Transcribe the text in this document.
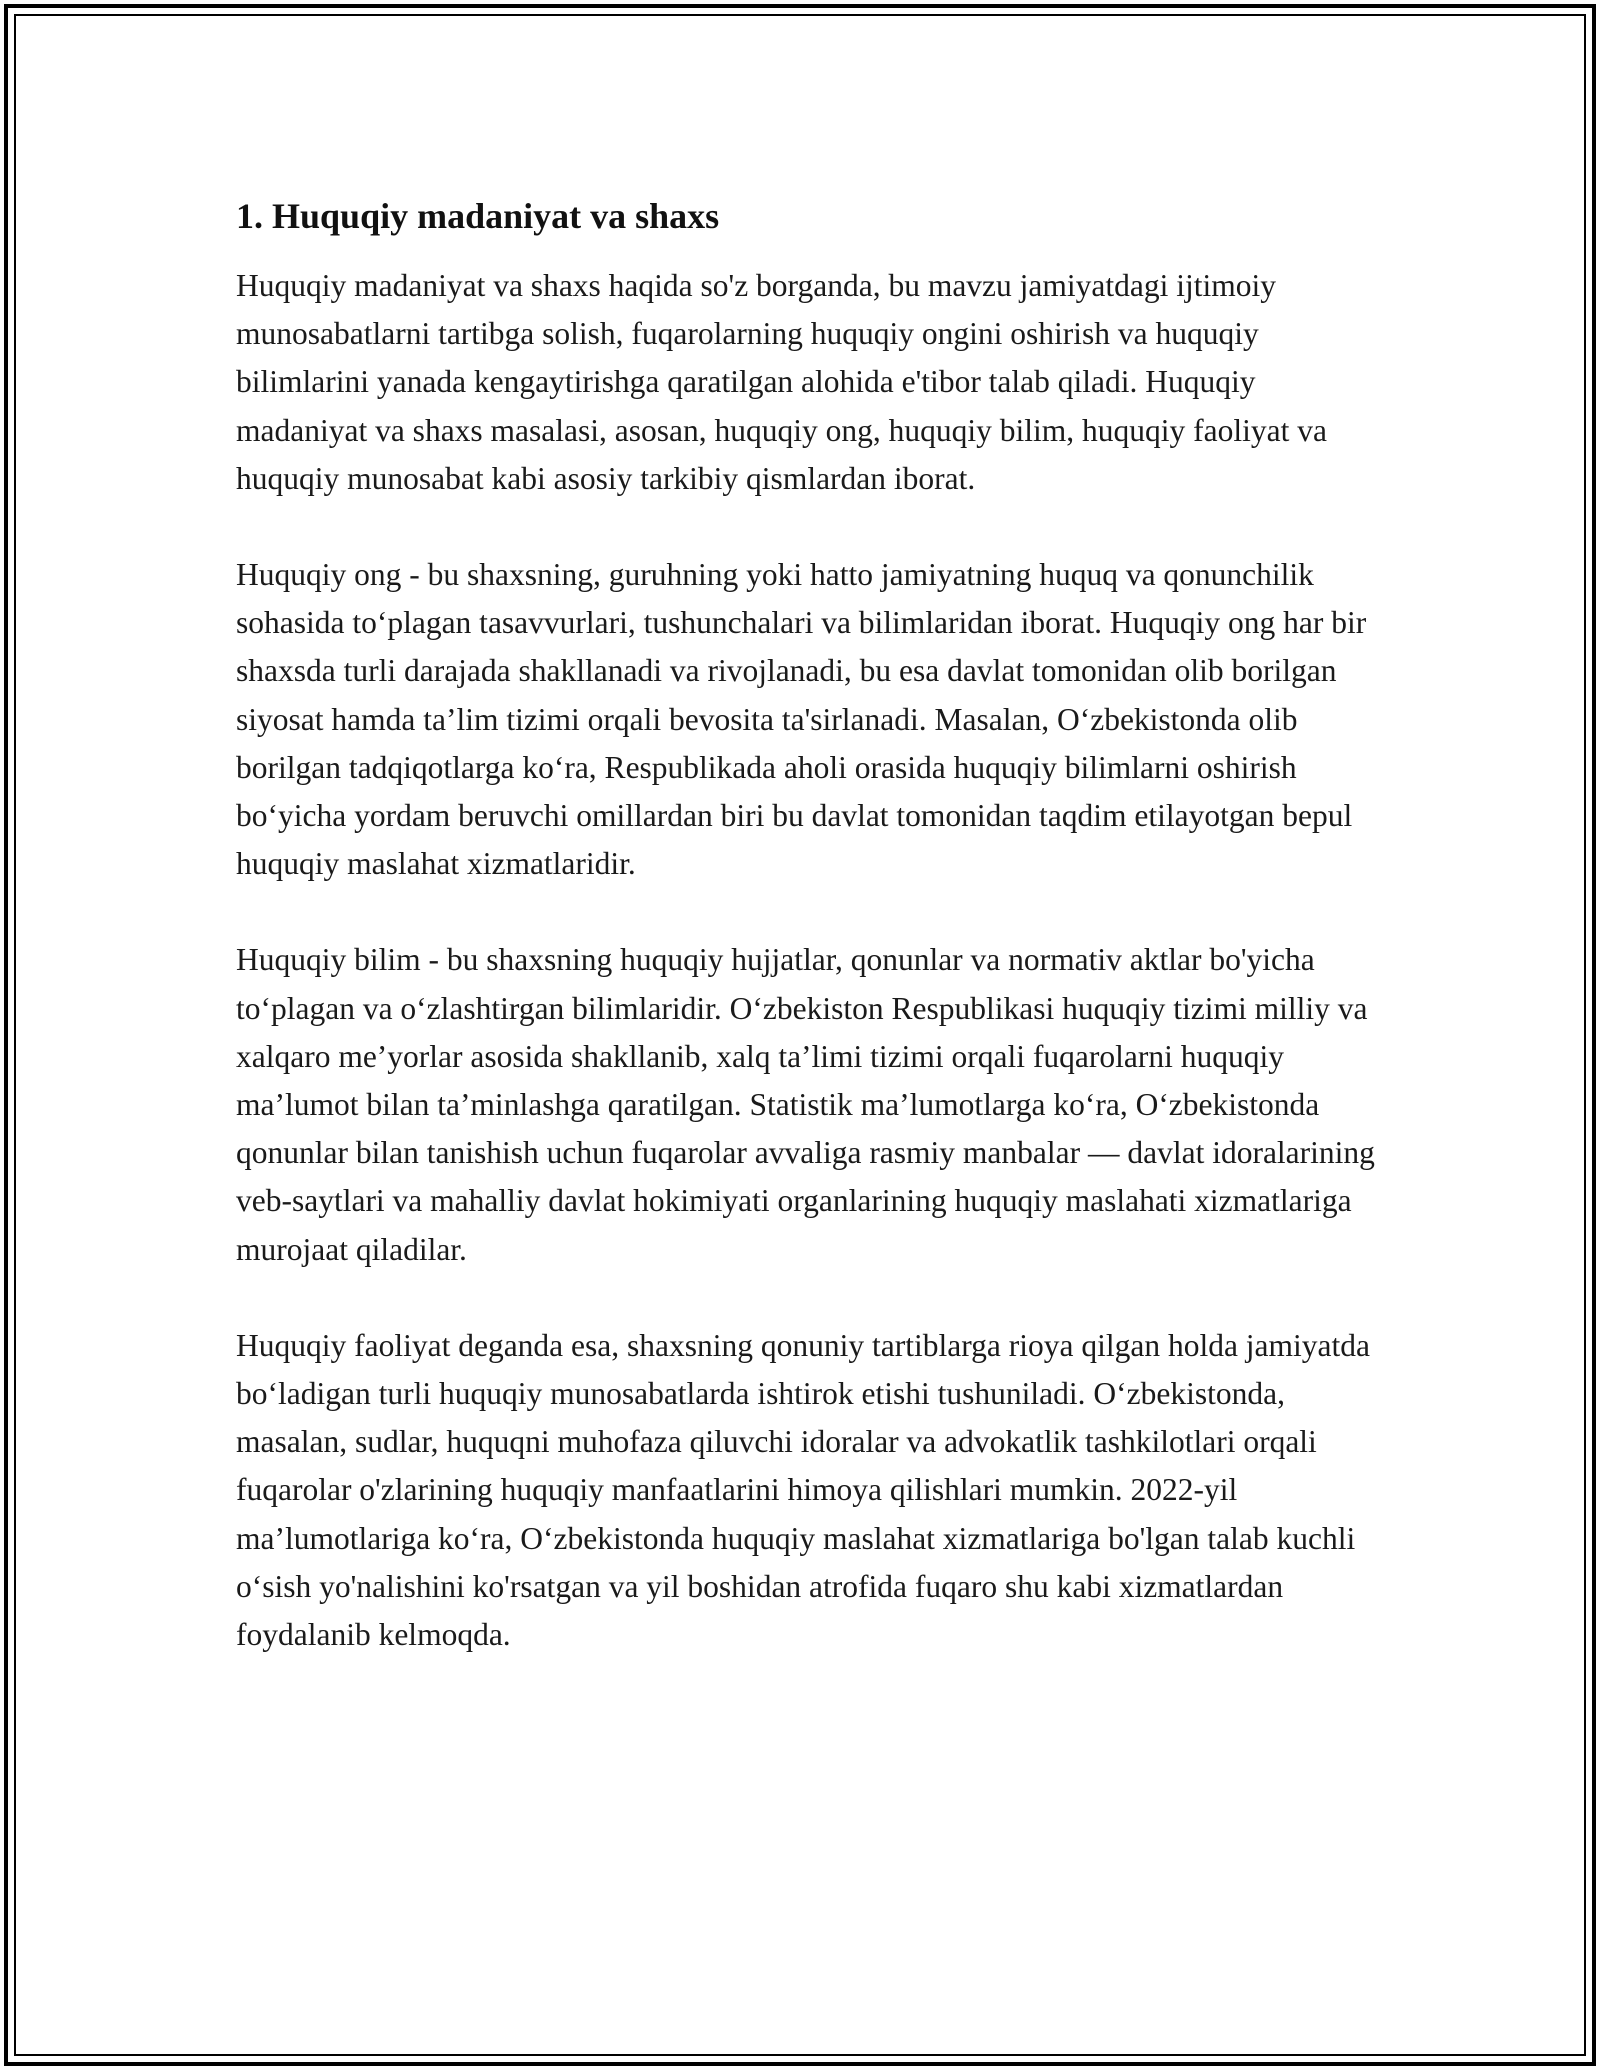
1. Huquqiy madaniyat va shaxs

Huquqiy madaniyat va shaxs haqida so'z borganda, bu mavzu jamiyatdagi ijtimoiy munosabatlarni tartibga solish, fuqarolarning huquqiy ongini oshirish va huquqiy bilimlarini yanada kengaytirishga qaratilgan alohida e'tibor talab qiladi. Huquqiy madaniyat va shaxs masalasi, asosan, huquqiy ong, huquqiy bilim, huquqiy faoliyat va huquqiy munosabat kabi asosiy tarkibiy qismlardan iborat.

Huquqiy ong - bu shaxsning, guruhning yoki hatto jamiyatning huquq va qonunchilik sohasida to‘plagan tasavvurlari, tushunchalari va bilimlaridan iborat. Huquqiy ong har bir shaxsda turli darajada shakllanadi va rivojlanadi, bu esa davlat tomonidan olib borilgan siyosat hamda ta’lim tizimi orqali bevosita ta'sirlanadi. Masalan, O‘zbekistonda olib borilgan tadqiqotlarga ko‘ra, Respublikada aholi orasida huquqiy bilimlarni oshirish bo‘yicha yordam beruvchi omillardan biri bu davlat tomonidan taqdim etilayotgan bepul huquqiy maslahat xizmatlaridir.

Huquqiy bilim - bu shaxsning huquqiy hujjatlar, qonunlar va normativ aktlar bo'yicha to‘plagan va o‘zlashtirgan bilimlaridir. O‘zbekiston Respublikasi huquqiy tizimi milliy va xalqaro me’yorlar asosida shakllanib, xalq ta’limi tizimi orqali fuqarolarni huquqiy ma’lumot bilan ta’minlashga qaratilgan. Statistik ma’lumotlarga ko‘ra, O‘zbekistonda qonunlar bilan tanishish uchun fuqarolar avvaliga rasmiy manbalar — davlat idoralarining veb-saytlari va mahalliy davlat hokimiyati organlarining huquqiy maslahati xizmatlariga murojaat qiladilar.

Huquqiy faoliyat deganda esa, shaxsning qonuniy tartiblarga rioya qilgan holda jamiyatda bo‘ladigan turli huquqiy munosabatlarda ishtirok etishi tushuniladi. O‘zbekistonda, masalan, sudlar, huquqni muhofaza qiluvchi idoralar va advokatlik tashkilotlari orqali fuqarolar o'zlarining huquqiy manfaatlarini himoya qilishlari mumkin. 2022-yil ma’lumotlariga ko‘ra, O‘zbekistonda huquqiy maslahat xizmatlariga bo'lgan talab kuchli o‘sish yo'nalishini ko'rsatgan va yil boshidan atrofida fuqaro shu kabi xizmatlardan foydalanib kelmoqda.
